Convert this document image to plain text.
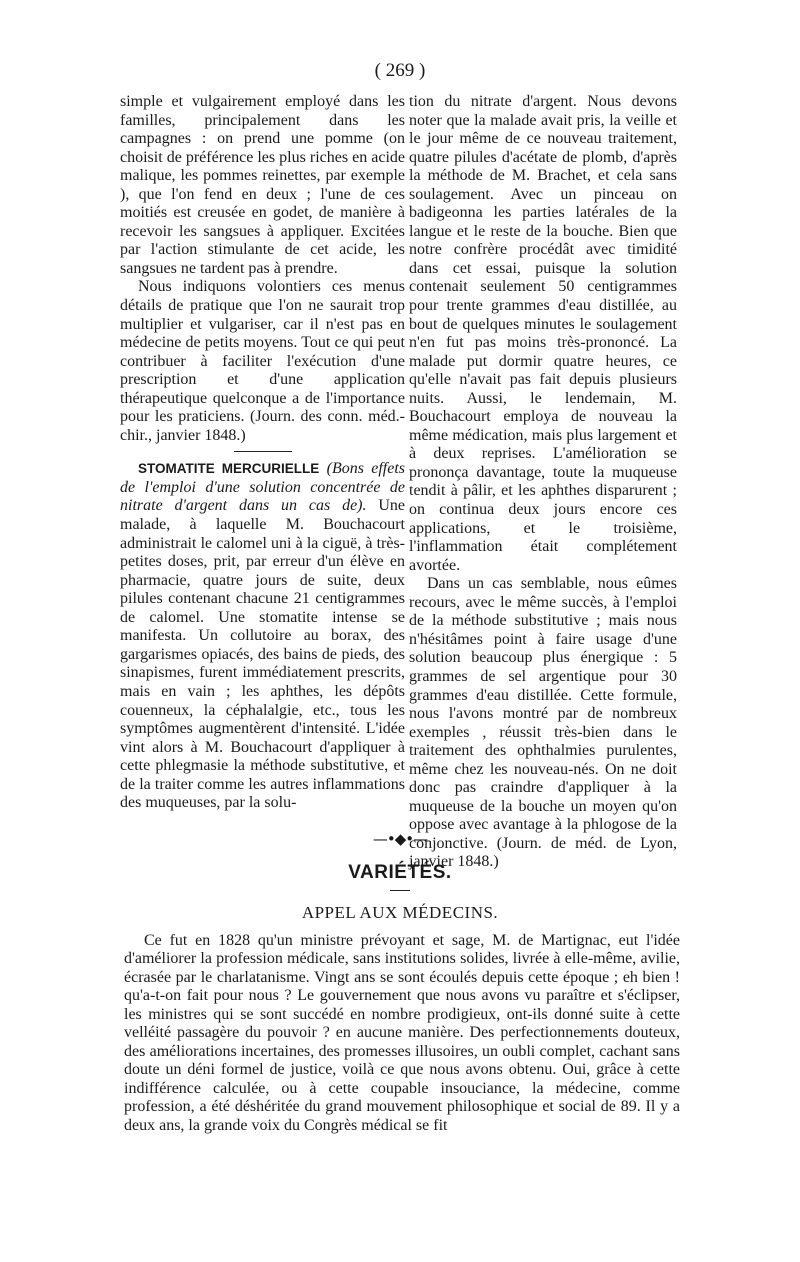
( 269 )

simple et vulgairement employé dans les familles, principalement dans les campagnes : on prend une pomme (on choisit de préférence les plus riches en acide malique, les pommes reinettes, par exemple ), que l'on fend en deux ; l'une de ces moitiés est creusée en godet, de manière à recevoir les sangsues à appliquer. Excitées par l'action stimulante de cet acide, les sangsues ne tardent pas à prendre.

Nous indiquons volontiers ces menus détails de pratique que l'on ne saurait trop multiplier et vulgariser, car il n'est pas en médecine de petits moyens. Tout ce qui peut contribuer à faciliter l'exécution d'une prescription et d'une application thérapeutique quelconque a de l'importance pour les praticiens. (Journ. des conn. méd.-chir., janvier 1848.)

STOMATITE MERCURIELLE (Bons effets de l'emploi d'une solution concentrée de nitrate d'argent dans un cas de). Une malade, à laquelle M. Bouchacourt administrait le calomel uni à la ciguë, à très-petites doses, prit, par erreur d'un élève en pharmacie, quatre jours de suite, deux pilules contenant chacune 21 centigrammes de calomel. Une stomatite intense se manifesta. Un collutoire au borax, des gargarismes opiacés, des bains de pieds, des sinapismes, furent immédiatement prescrits, mais en vain ; les aphthes, les dépôts couenneux, la céphalalgie, etc., tous les symptômes augmentèrent d'intensité. L'idée vint alors à M. Bouchacourt d'appliquer à cette phlegmasie la méthode substitutive, et de la traiter comme les autres inflammations des muqueuses, par la solu-

tion du nitrate d'argent. Nous devons noter que la malade avait pris, la veille et le jour même de ce nouveau traitement, quatre pilules d'acétate de plomb, d'après la méthode de M. Brachet, et cela sans soulagement. Avec un pinceau on badigeonna les parties latérales de la langue et le reste de la bouche. Bien que notre confrère procédât avec timidité dans cet essai, puisque la solution contenait seulement 50 centigrammes pour trente grammes d'eau distillée, au bout de quelques minutes le soulagement n'en fut pas moins très-prononcé. La malade put dormir quatre heures, ce qu'elle n'avait pas fait depuis plusieurs nuits. Aussi, le lendemain, M. Bouchacourt employa de nouveau la même médication, mais plus largement et à deux reprises. L'amélioration se prononça davantage, toute la muqueuse tendit à pâlir, et les aphthes disparurent ; on continua deux jours encore ces applications, et le troisième, l'inflammation était complétement avortée.

Dans un cas semblable, nous eûmes recours, avec le même succès, à l'emploi de la méthode substitutive ; mais nous n'hésitâmes point à faire usage d'une solution beaucoup plus énergique : 5 grammes de sel argentique pour 30 grammes d'eau distillée. Cette formule, nous l'avons montré par de nombreux exemples , réussit très-bien dans le traitement des ophthalmies purulentes, même chez les nouveau-nés. On ne doit donc pas craindre d'appliquer à la muqueuse de la bouche un moyen qu'on oppose avec avantage à la phlogose de la conjonctive. (Journ. de méd. de Lyon, janvier 1848.)

—•◆•—
VARIÉTÉS.
APPEL AUX MÉDECINS.

Ce fut en 1828 qu'un ministre prévoyant et sage, M. de Martignac, eut l'idée d'améliorer la profession médicale, sans institutions solides, livrée à elle-même, avilie, écrasée par le charlatanisme. Vingt ans se sont écoulés depuis cette époque ; eh bien ! qu'a-t-on fait pour nous ? Le gouvernement que nous avons vu paraître et s'éclipser, les ministres qui se sont succédé en nombre prodigieux, ont-ils donné suite à cette velléité passagère du pouvoir ? en aucune manière. Des perfectionnements douteux, des améliorations incertaines, des promesses illusoires, un oubli complet, cachant sans doute un déni formel de justice, voilà ce que nous avons obtenu. Oui, grâce à cette indifférence calculée, ou à cette coupable insouciance, la médecine, comme profession, a été déshéritée du grand mouvement philosophique et social de 89. Il y a deux ans, la grande voix du Congrès médical se fit
